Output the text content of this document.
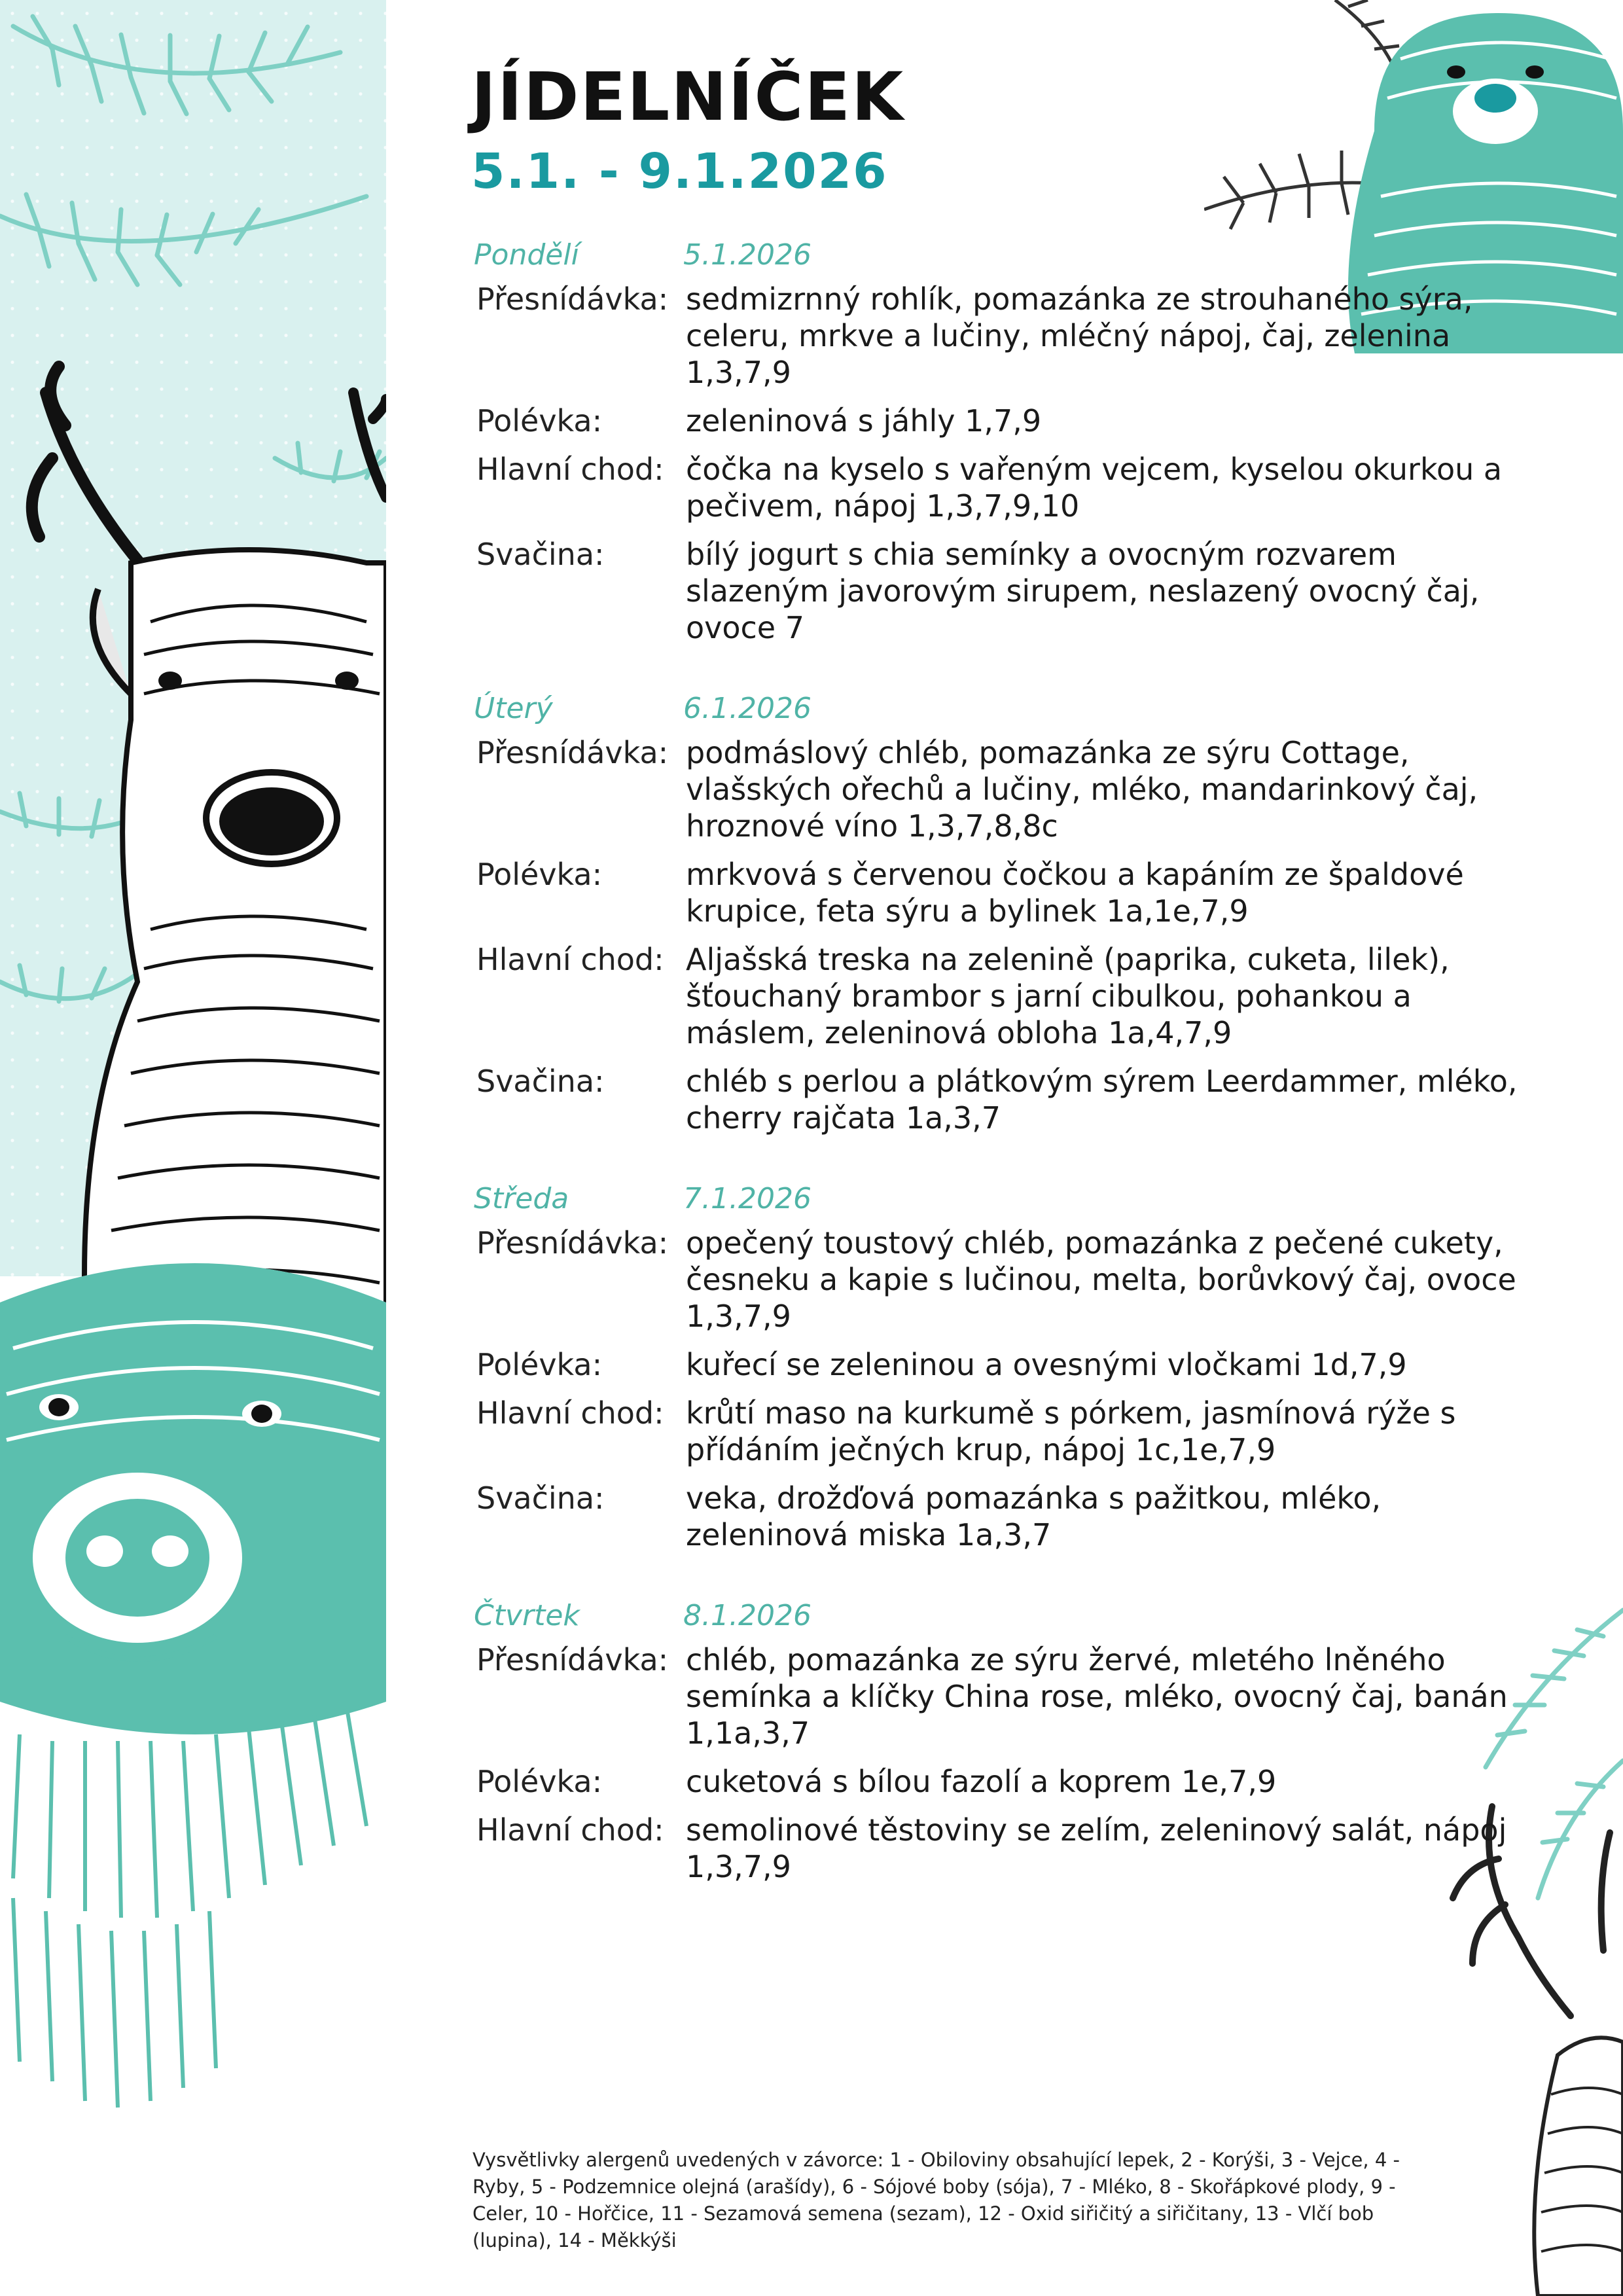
JÍDELNÍČEK
5.1. - 9.1.2026
Pondělí	5.1.2026
Přesnídávka: sedmizrnný rohlík, pomazánka ze strouhaného sýra, celeru, mrkve a lučiny, mléčný nápoj, čaj, zelenina 1,3,7,9
Polévka:	zeleninová s jáhly 1,7,9
Hlavní chod: čočka na kyselo s vařeným vejcem, kyselou okurkou a pečivem, nápoj 1,3,7,9,10
Svačina:	bílý jogurt s chia semínky a ovocným rozvarem slazeným javorovým sirupem, neslazený ovocný čaj, ovoce 7
Úterý	6.1.2026
Přesnídávka: podmáslový chléb, pomazánka ze sýru Cottage, vlašských ořechů a lučiny, mléko, mandarinkový čaj, hroznové víno 1,3,7,8,8c
Polévka:	mrkvová s červenou čočkou a kapáním ze špaldové krupice, feta sýru a bylinek 1a,1e,7,9
Hlavní chod: Aljašská treska na zelenině (paprika, cuketa, lilek), šťouchaný brambor s jarní cibulkou, pohankou a máslem, zeleninová obloha 1a,4,7,9
Svačina:	chléb s perlou a plátkovým sýrem Leerdammer, mléko, cherry rajčata 1a,3,7
Středa	7.1.2026
Přesnídávka: opečený toustový chléb, pomazánka z pečené cukety, česneku a kapie s lučinou, melta, borůvkový čaj, ovoce 1,3,7,9
Polévka:	kuřecí se zeleninou a ovesnými vločkami 1d,7,9
Hlavní chod: krůtí maso na kurkumě s pórkem, jasmínová rýže s přídáním ječných krup, nápoj 1c,1e,7,9
Svačina:	veka, drožďová pomazánka s pažitkou, mléko, zeleninová miska 1a,3,7
Čtvrtek	8.1.2026
Přesnídávka: chléb, pomazánka ze sýru žervé, mletého lněného semínka a klíčky China rose, mléko, ovocný čaj, banán 1,1a,3,7
Polévka:	cuketová s bílou fazolí a koprem 1e,7,9
Hlavní chod: semolinové těstoviny se zelím, zeleninový salát, nápoj 1,3,7,9
Vysvětlivky alergenů uvedených v závorce: 1 - Obiloviny obsahující lepek, 2 - Korýši, 3 - Vejce, 4 - Ryby, 5 - Podzemnice olejná (arašídy), 6 - Sójové boby (sója), 7 - Mléko, 8 - Skořápkové plody, 9 - Celer, 10 - Hořčice, 11 - Sezamová semena (sezam), 12 - Oxid siřičitý a siřičitany, 13 - Vlčí bob (lupina), 14 - Měkkýši
